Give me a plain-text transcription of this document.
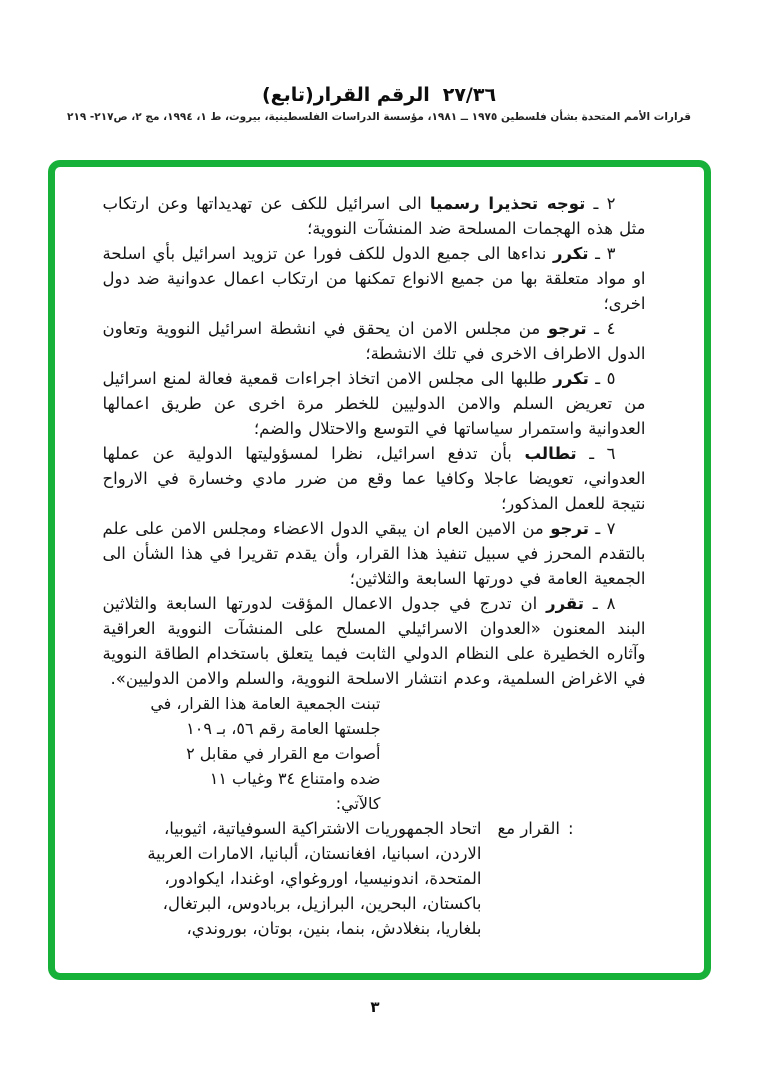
(تابع)القرار الرقم ٢٧/٣٦
قرارات الأمم المتحدة بشأن فلسطين ١٩٧٥ ــ ١٩٨١، مؤسسة الدراسات الفلسطينية، بيروت، ط ١، ١٩٩٤، مج ٢، ص٢١٧- ٢١٩

٢ ـ توجه تحذيرا رسميا الى اسرائيل للكف عن تهديداتها وعن ارتكاب مثل هذه الهجمات المسلحة ضد المنشآت النووية؛

٣ ـ تكرر نداءها الى جميع الدول للكف فورا عن تزويد اسرائيل بأي اسلحة او مواد متعلقة بها من جميع الانواع تمكنها من ارتكاب اعمال عدوانية ضد دول اخرى؛

٤ ـ ترجو من مجلس الامن ان يحقق في انشطة اسرائيل النووية وتعاون الدول الاطراف الاخرى في تلك الانشطة؛

٥ ـ تكرر طلبها الى مجلس الامن اتخاذ اجراءات قمعية فعالة لمنع اسرائيل من تعريض السلم والامن الدوليين للخطر مرة اخرى عن طريق اعمالها العدوانية واستمرار سياساتها في التوسع والاحتلال والضم؛

٦ ـ تطالب بأن تدفع اسرائيل، نظرا لمسؤوليتها الدولية عن عملها العدواني، تعويضا عاجلا وكافيا عما وقع من ضرر مادي وخسارة في الارواح نتيجة للعمل المذكور؛

٧ ـ ترجو من الامين العام ان يبقي الدول الاعضاء ومجلس الامن على علم بالتقدم المحرز في سبيل تنفيذ هذا القرار، وأن يقدم تقريرا في هذا الشأن الى الجمعية العامة في دورتها السابعة والثلاثين؛

٨ ـ تقرر ان تدرج في جدول الاعمال المؤقت لدورتها السابعة والثلاثين البند المعنون «العدوان الاسرائيلي المسلح على المنشآت النووية العراقية وآثاره الخطيرة على النظام الدولي الثابت فيما يتعلق باستخدام الطاقة النووية في الاغراض السلمية، وعدم انتشار الاسلحة النووية، والسلم والامن الدوليين».

تبنت الجمعية العامة هذا القرار، في
جلستها العامة رقم ٥٦، بـ ١٠٩
أصوات مع القرار في مقابل ٢
ضده وامتناع ٣٤ وغياب ١١
كالآتي:
مع القرار :
اتحاد الجمهوريات الاشتراكية السوفياتية، اثيوبيا،
الاردن، اسبانيا، افغانستان، ألبانيا، الامارات العربية
المتحدة، اندونيسيا، اوروغواي، اوغندا، ايكوادور،
باكستان، البحرين، البرازيل، بربادوس، البرتغال،
بلغاريا، بنغلادش، بنما، بنين، بوتان، بوروندي،
٣
